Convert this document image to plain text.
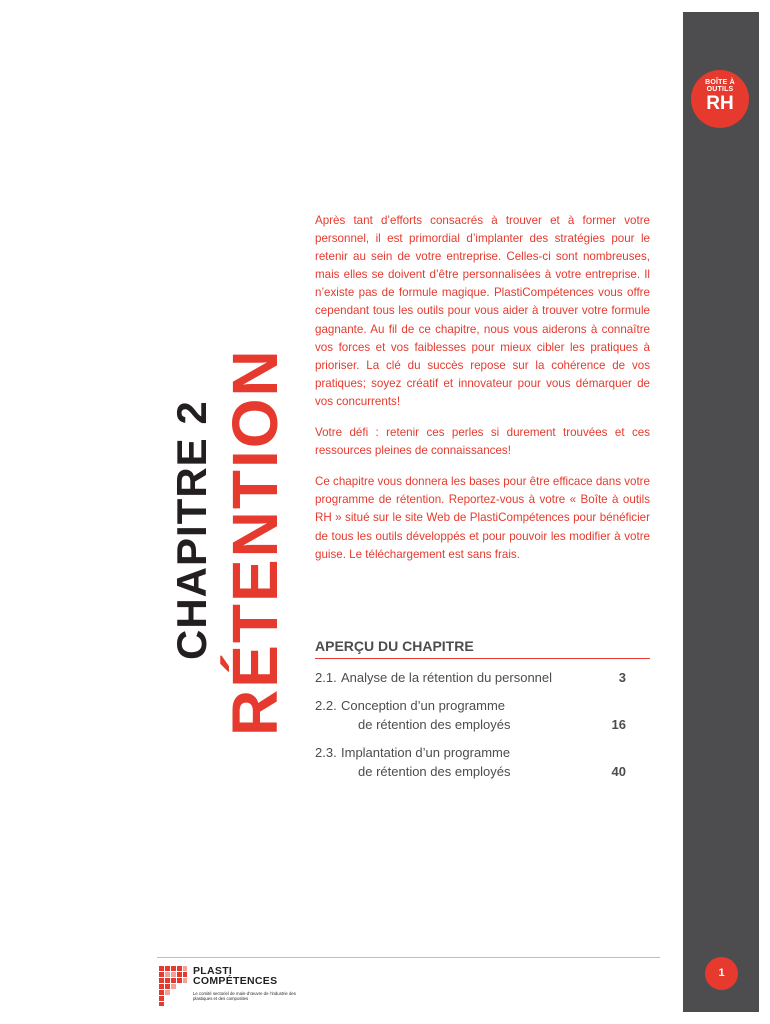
BOÎTE À
OUTILS
RH
CHAPITRE 2 RÉTENTION

Après tant d’efforts consacrés à trouver et à former votre personnel, il est primordial d’implanter des stratégies pour le retenir au sein de votre entreprise. Celles-ci sont nombreuses, mais elles se doivent d’être personnalisées à votre entreprise. Il n’existe pas de formule magique. PlastiCompétences vous offre cependant tous les outils pour vous aider à trouver votre formule gagnante. Au fil de ce chapitre, nous vous aiderons à connaître vos forces et vos faiblesses pour mieux cibler les pratiques à prioriser. La clé du succès repose sur la cohérence de vos pratiques; soyez créatif et innovateur pour vous démarquer de vos concurrents!

Votre défi : retenir ces perles si durement trouvées et ces ressources pleines de connaissances!

Ce chapitre vous donnera les bases pour être efficace dans votre programme de rétention. Reportez-vous à votre « Boîte à outils RH » situé sur le site Web de PlastiCompétences pour bénéficier de tous les outils développés et pour pouvoir les modifier à votre guise. Le téléchargement est sans frais.

APERÇU DU CHAPITRE
2.1. Analyse de la rétention du personnel	3
2.2. Conception d’un programme
de rétention des employés	16
2.3. Implantation d’un programme
de rétention des employés	40
PLASTI
COMPÉTENCES
Le comité sectoriel de main-d’œuvre de l’industrie des plastiques et des composites
1
